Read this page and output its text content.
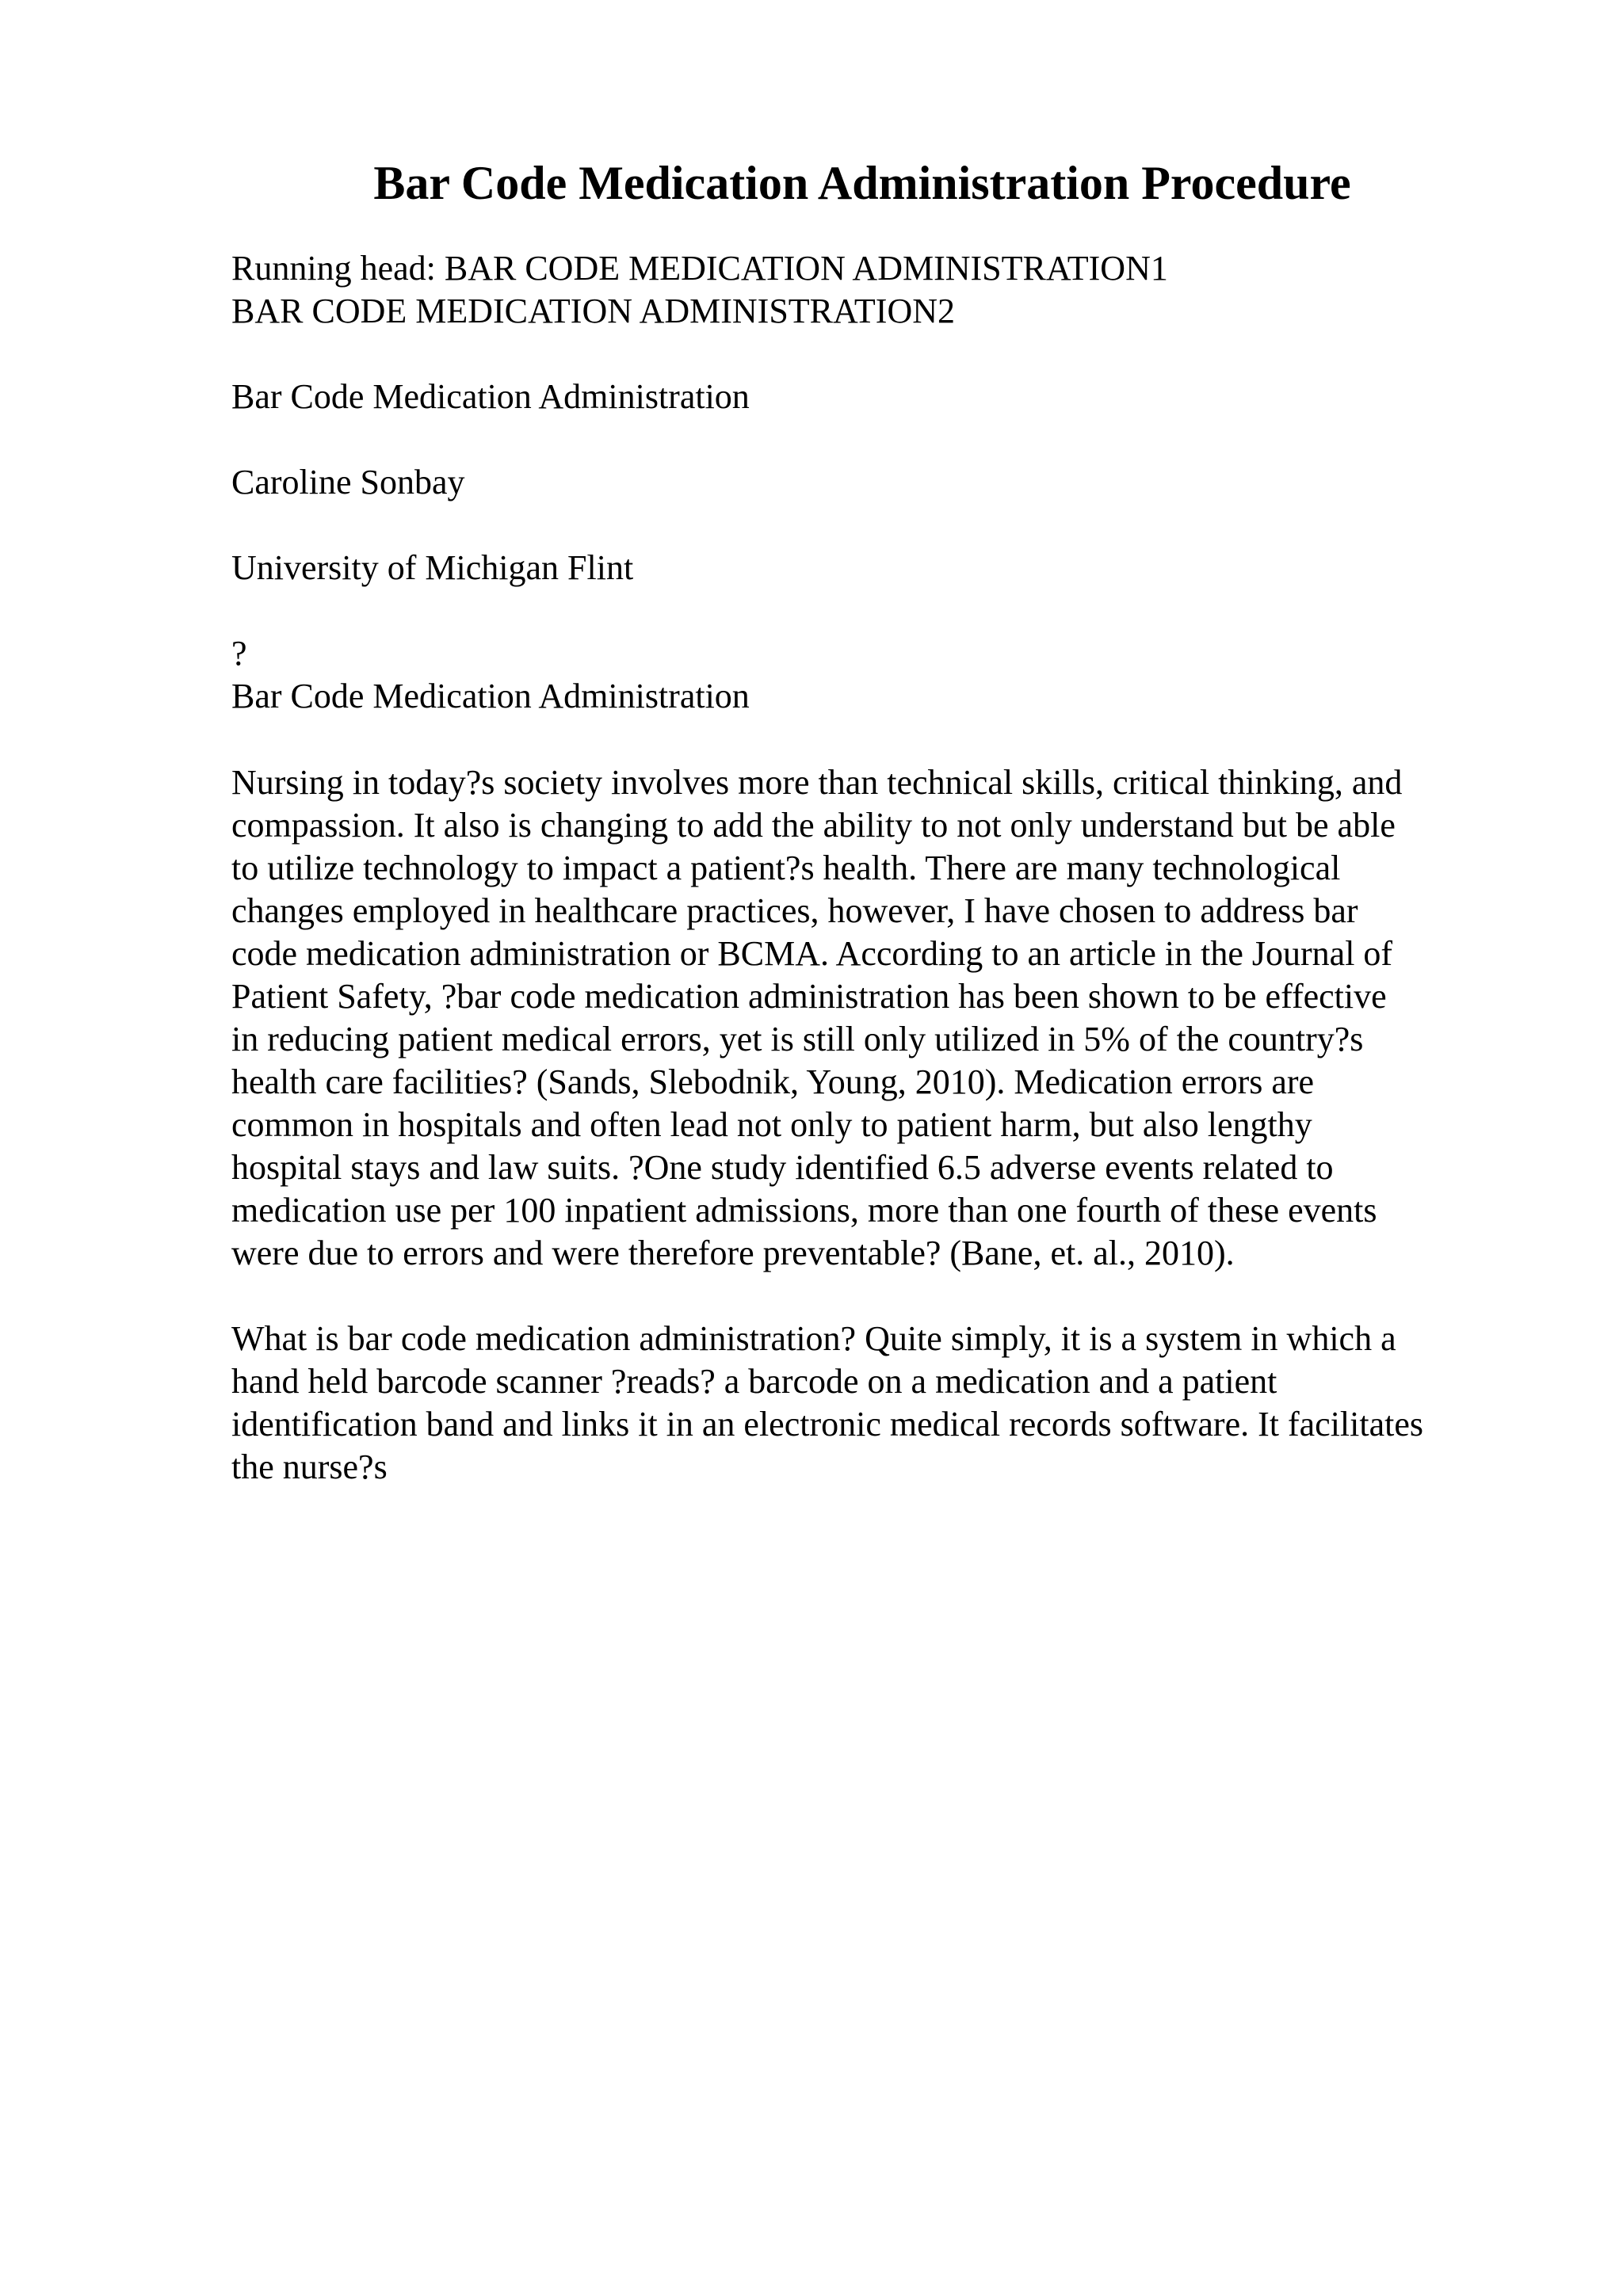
Bar Code Medication Administration Procedure
Running head: BAR CODE MEDICATION ADMINISTRATION1
BAR CODE MEDICATION ADMINISTRATION2
Bar Code Medication Administration
Caroline Sonbay
University of Michigan Flint
?
Bar Code Medication Administration
Nursing in today?s society involves more than technical skills, critical thinking, and
compassion. It also is changing to add the ability to not only understand but be able
to utilize technology to impact a patient?s health. There are many technological
changes employed in healthcare practices, however, I have chosen to address bar
code medication administration or BCMA. According to an article in the Journal of
Patient Safety, ?bar code medication administration has been shown to be effective
in reducing patient medical errors, yet is still only utilized in 5% of the country?s
health care facilities? (Sands, Slebodnik, Young, 2010). Medication errors are
common in hospitals and often lead not only to patient harm, but also lengthy
hospital stays and law suits. ?One study identified 6.5 adverse events related to
medication use per 100 inpatient admissions, more than one fourth of these events
were due to errors and were therefore preventable? (Bane, et. al., 2010).
What is bar code medication administration? Quite simply, it is a system in which a
hand held barcode scanner ?reads? a barcode on a medication and a patient
identification band and links it in an electronic medical records software. It facilitates
the nurse?s
